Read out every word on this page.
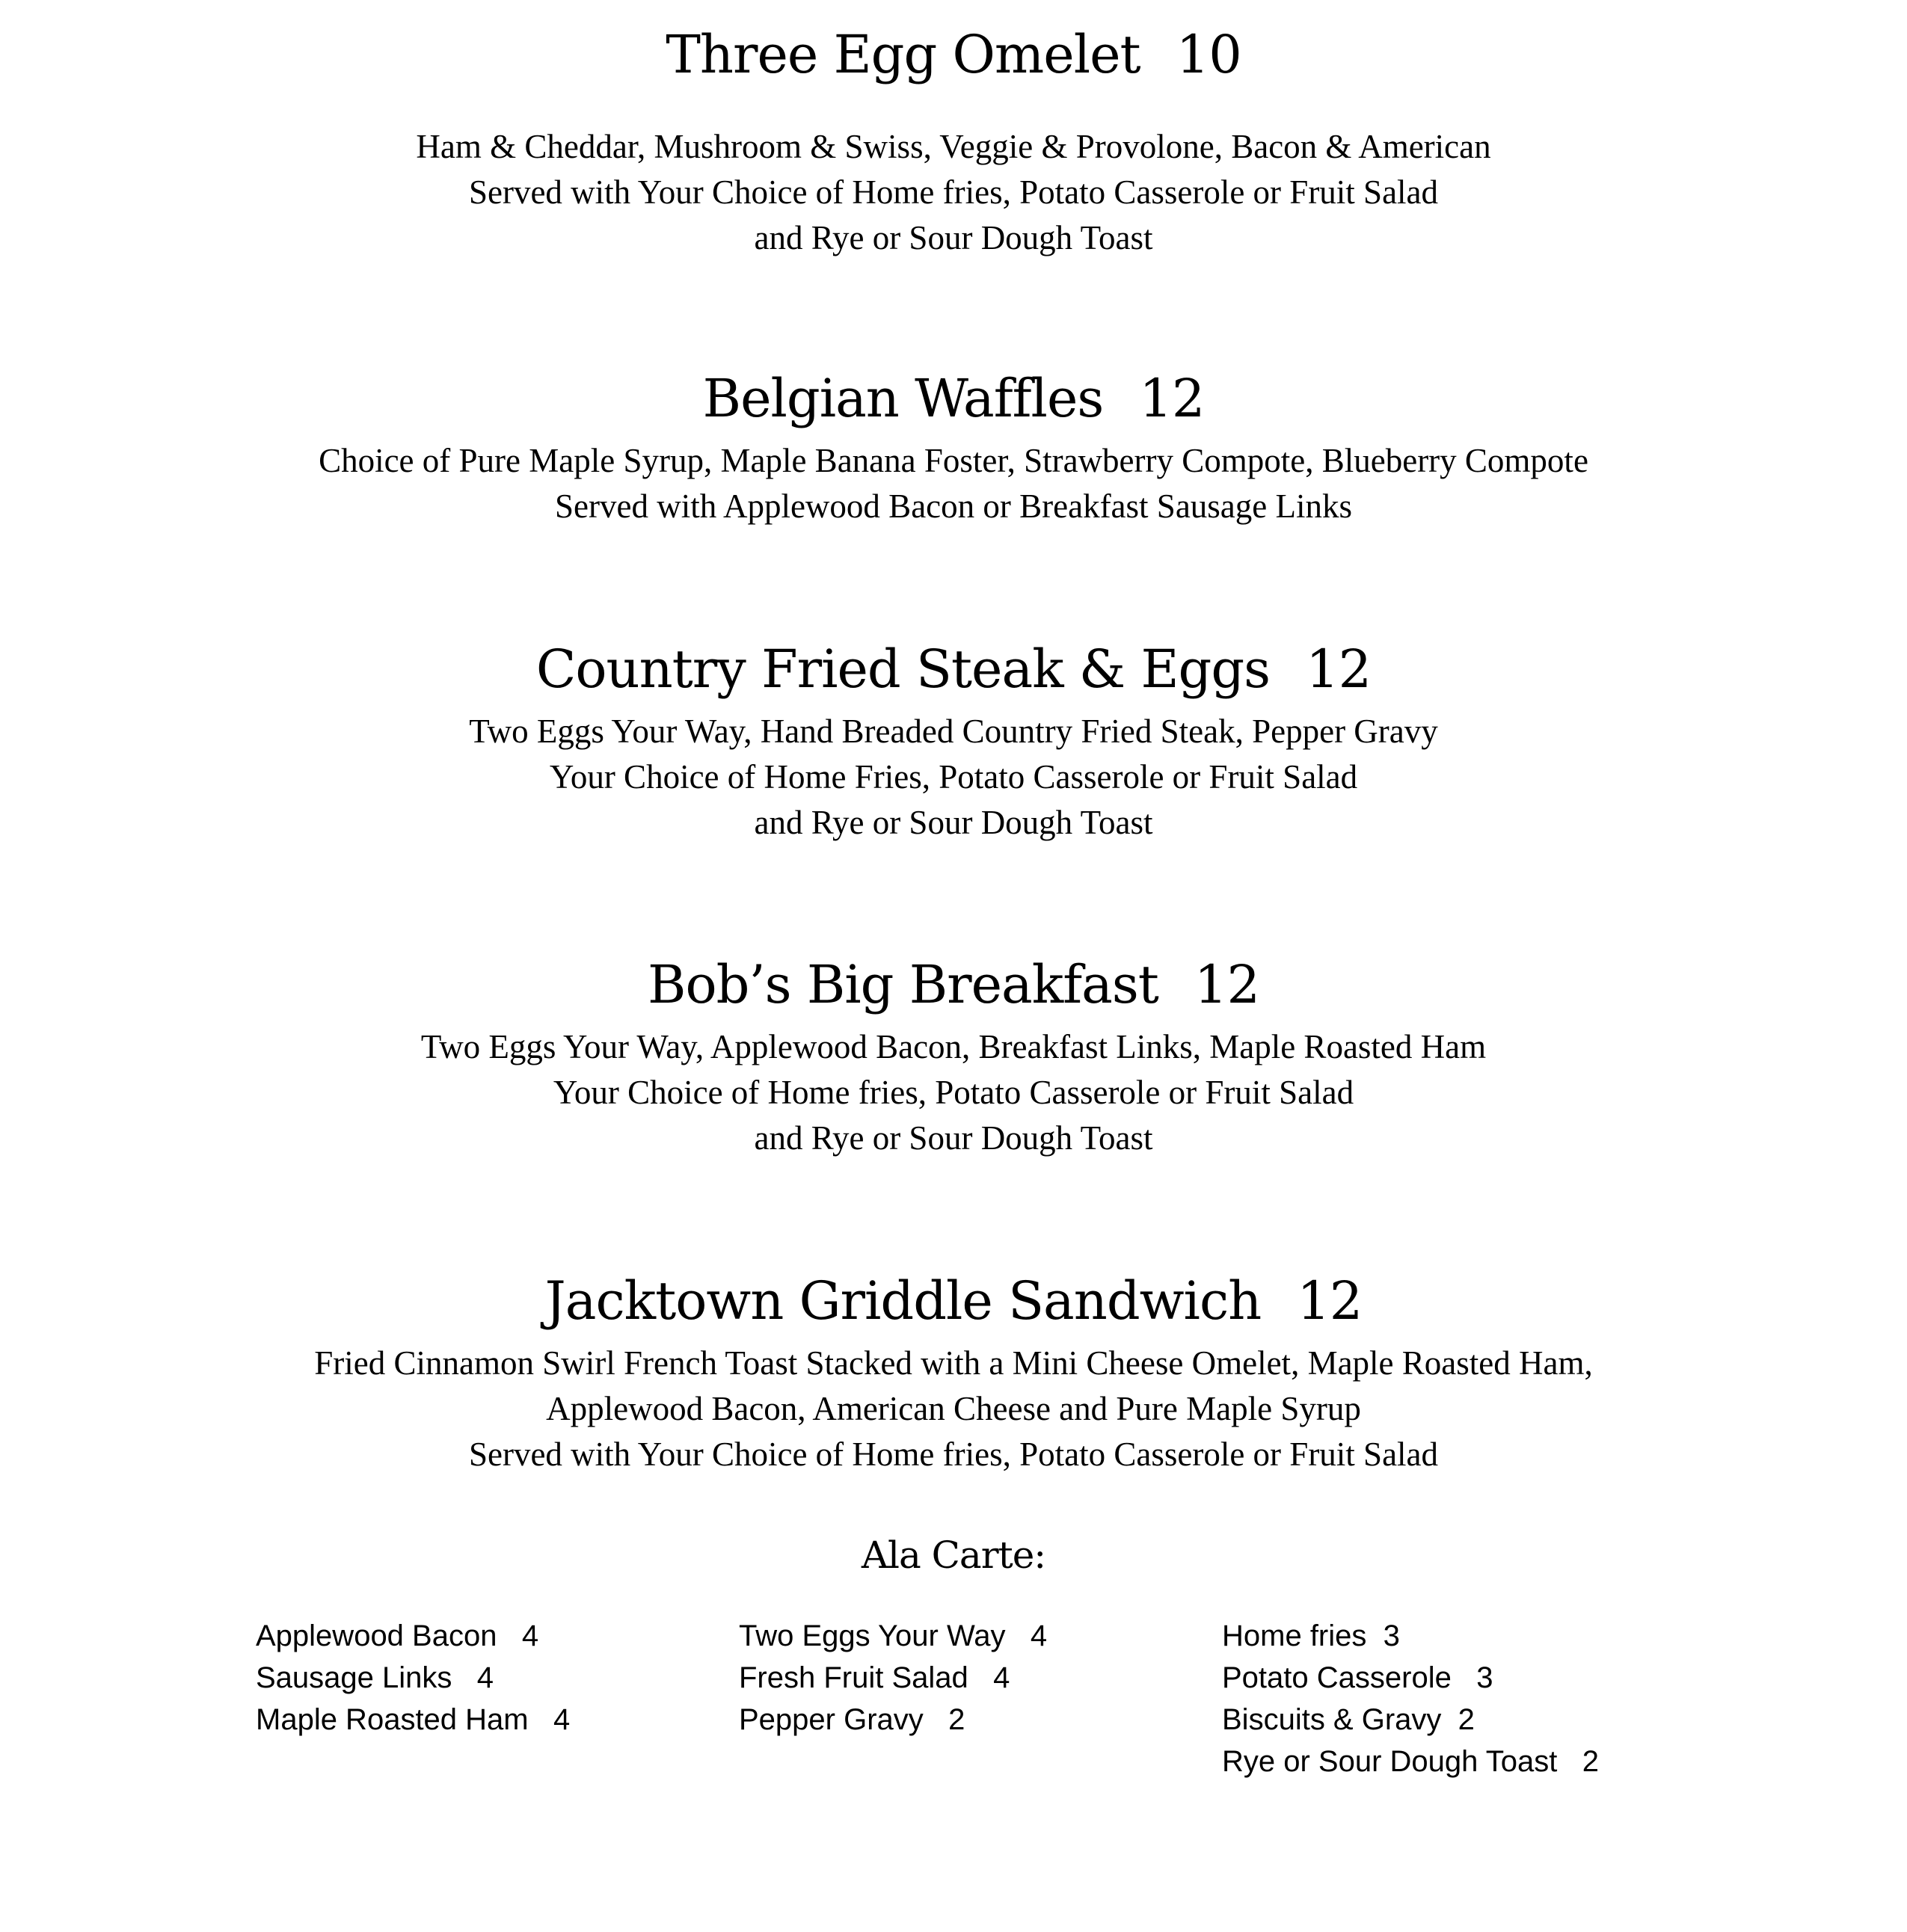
Three Egg Omelet 10
Ham & Cheddar, Mushroom & Swiss, Veggie & Provolone, Bacon & American
Served with Your Choice of Home fries, Potato Casserole or Fruit Salad
and Rye or Sour Dough Toast
Belgian Waffles 12
Choice of Pure Maple Syrup, Maple Banana Foster, Strawberry Compote, Blueberry Compote
Served with Applewood Bacon or Breakfast Sausage Links
Country Fried Steak & Eggs 12
Two Eggs Your Way, Hand Breaded Country Fried Steak, Pepper Gravy
Your Choice of Home Fries, Potato Casserole or Fruit Salad
and Rye or Sour Dough Toast
Bob’s Big Breakfast 12
Two Eggs Your Way, Applewood Bacon, Breakfast Links, Maple Roasted Ham
Your Choice of Home fries, Potato Casserole or Fruit Salad
and Rye or Sour Dough Toast
Jacktown Griddle Sandwich 12
Fried Cinnamon Swirl French Toast Stacked with a Mini Cheese Omelet, Maple Roasted Ham,
Applewood Bacon, American Cheese and Pure Maple Syrup
Served with Your Choice of Home fries, Potato Casserole or Fruit Salad
Ala Carte:
Applewood Bacon 4
Sausage Links 4
Maple Roasted Ham 4
Two Eggs Your Way 4
Fresh Fruit Salad 4
Pepper Gravy 2
Home fries 3
Potato Casserole 3
Biscuits & Gravy 2
Rye or Sour Dough Toast 2
